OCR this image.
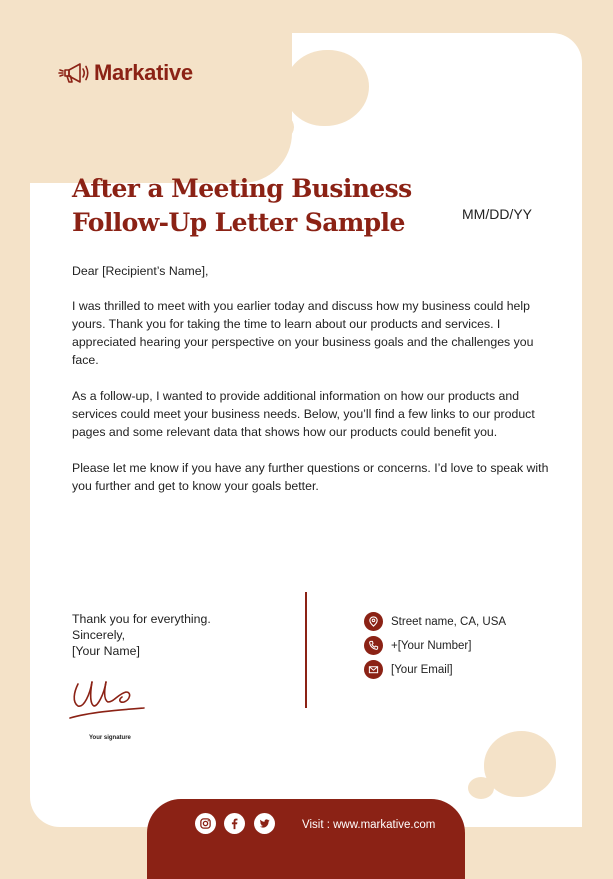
Markative
After a Meeting Business
Follow-Up Letter Sample	MM/DD/YY

Dear [Recipient’s Name],

I was thrilled to meet with you earlier today and discuss how my business could help yours. Thank you for taking the time to learn about our products and services. I appreciated hearing your perspective on your business goals and the challenges you face.

As a follow-up, I wanted to provide additional information on how our products and services could meet your business needs. Below, you’ll find a few links to our product pages and some relevant data that shows how our products could benefit you.

Please let me know if you have any further questions or concerns. I’d love to speak with you further and get to know your goals better.

Thank you for everything.
Sincerely,
[Your Name]
Your signature
Street name, CA, USA
+[Your Number]
[Your Email]
Visit : www.markative.com
